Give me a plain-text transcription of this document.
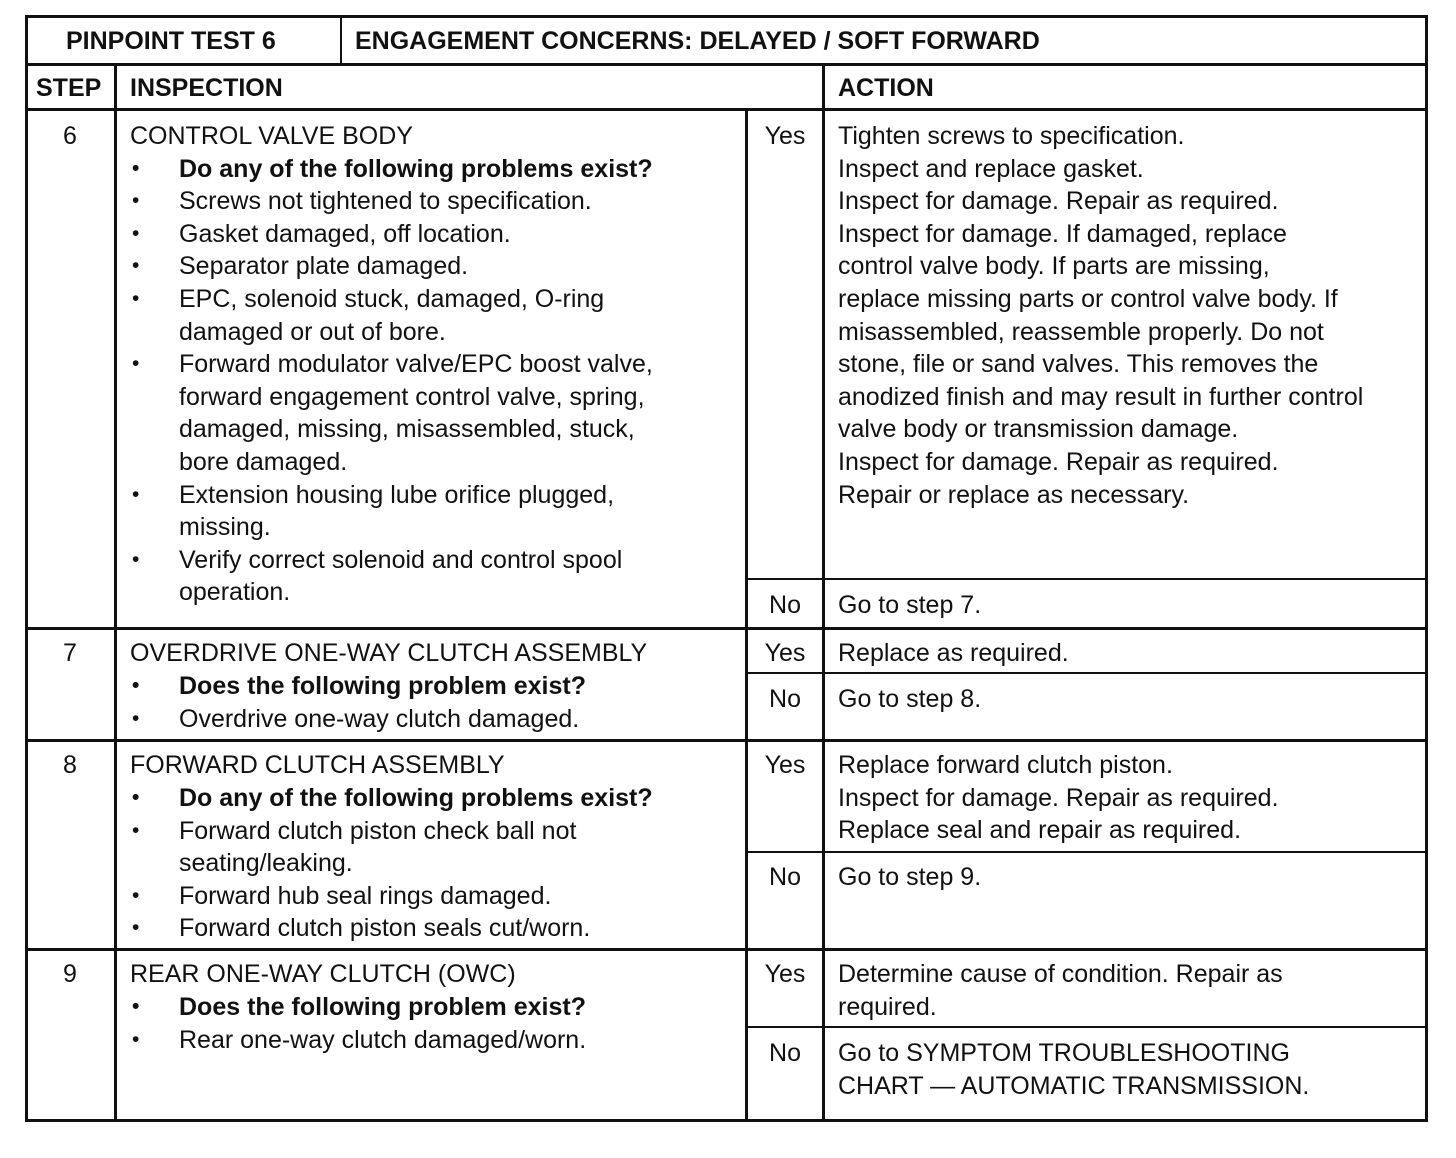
PINPOINT TEST 6	ENGAGEMENT CONCERNS: DELAYED / SOFT FORWARD
STEP INSPECTION	ACTION
6	CONTROL VALVE BODY
• Do any of the following problems exist?
• Screws not tightened to specification.
• Gasket damaged, off location.
• Separator plate damaged.
• EPC, solenoid stuck, damaged, O-ring
damaged or out of bore.
• Forward modulator valve/EPC boost valve,
forward engagement control valve, spring,
damaged, missing, misassembled, stuck,
bore damaged.
• Extension housing lube orifice plugged,
missing.
• Verify correct solenoid and control spool
operation.
Yes	Tighten screws to specification.
Inspect and replace gasket.
Inspect for damage. Repair as required.
Inspect for damage. If damaged, replace
control valve body. If parts are missing,
replace missing parts or control valve body. If
misassembled, reassemble properly. Do not
stone, file or sand valves. This removes the
anodized finish and may result in further control
valve body or transmission damage.
Inspect for damage. Repair as required.
Repair or replace as necessary.
No	Go to step 7.
7	OVERDRIVE ONE-WAY CLUTCH ASSEMBLY
• Does the following problem exist?
• Overdrive one-way clutch damaged.
Yes	Replace as required.
No	Go to step 8.
8	FORWARD CLUTCH ASSEMBLY
• Do any of the following problems exist?
• Forward clutch piston check ball not
seating/leaking.
• Forward hub seal rings damaged.
• Forward clutch piston seals cut/worn.
Yes	Replace forward clutch piston.
Inspect for damage. Repair as required.
Replace seal and repair as required.
No	Go to step 9.
9	REAR ONE-WAY CLUTCH (OWC)
• Does the following problem exist?
• Rear one-way clutch damaged/worn.
Yes	Determine cause of condition. Repair as
required.
No	Go to SYMPTOM TROUBLESHOOTING
CHART — AUTOMATIC TRANSMISSION.
